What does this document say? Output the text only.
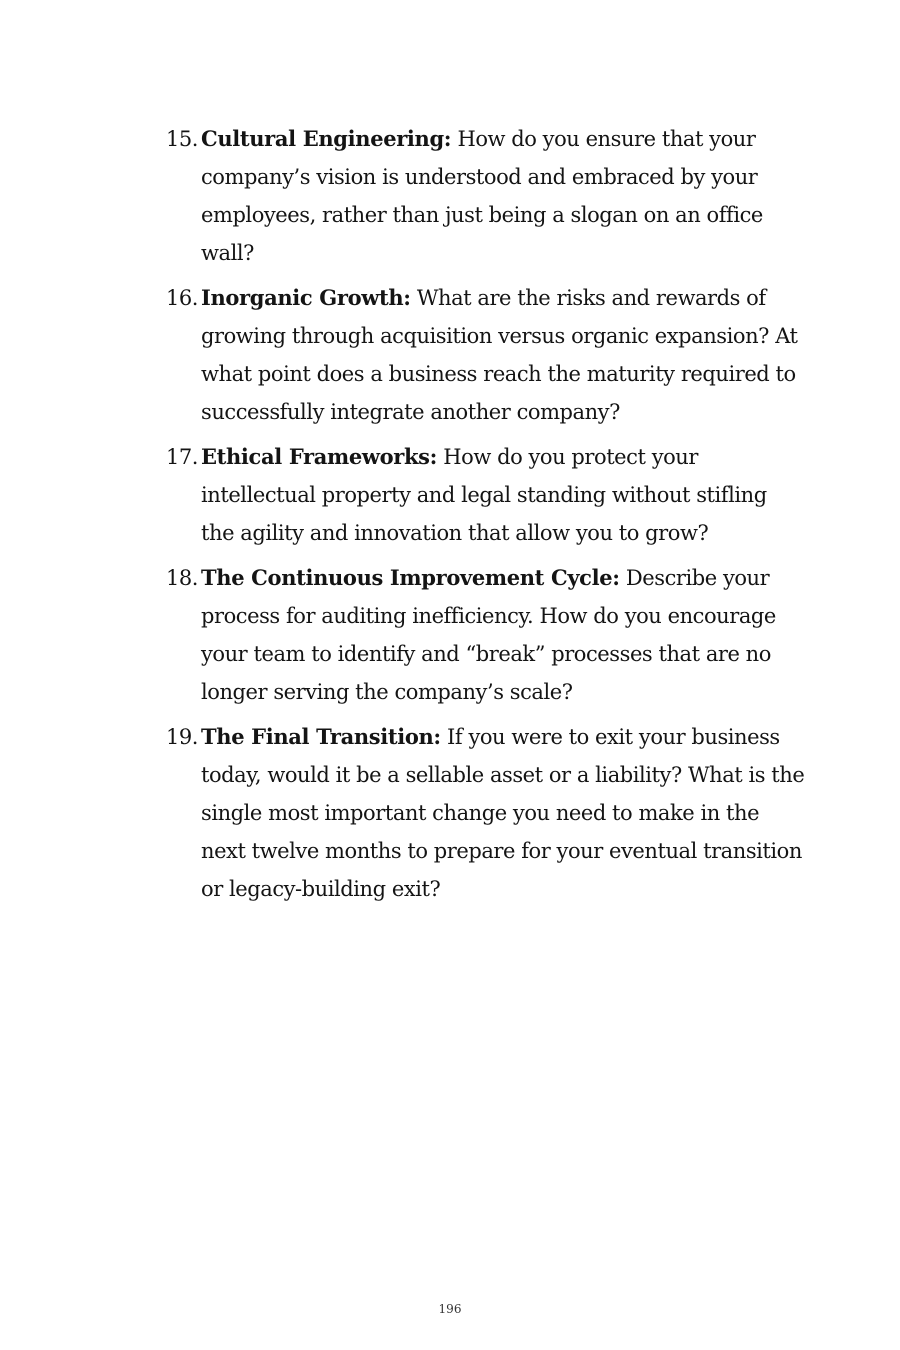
15. Cultural Engineering: How do you ensure that your company’s vision is understood and embraced by your employees, rather than just being a slogan on an office wall?
16. Inorganic Growth: What are the risks and rewards of growing through acquisition versus organic expansion? At what point does a business reach the maturity required to successfully integrate another company?
17. Ethical Frameworks: How do you protect your intellectual property and legal standing without stifling the agility and innovation that allow you to grow?
18. The Continuous Improvement Cycle: Describe your process for auditing inefficiency. How do you encourage your team to identify and “break” processes that are no longer serving the company’s scale?
19. The Final Transition: If you were to exit your business today, would it be a sellable asset or a liability? What is the single most important change you need to make in the next twelve months to prepare for your eventual transition or legacy-building exit?
196
